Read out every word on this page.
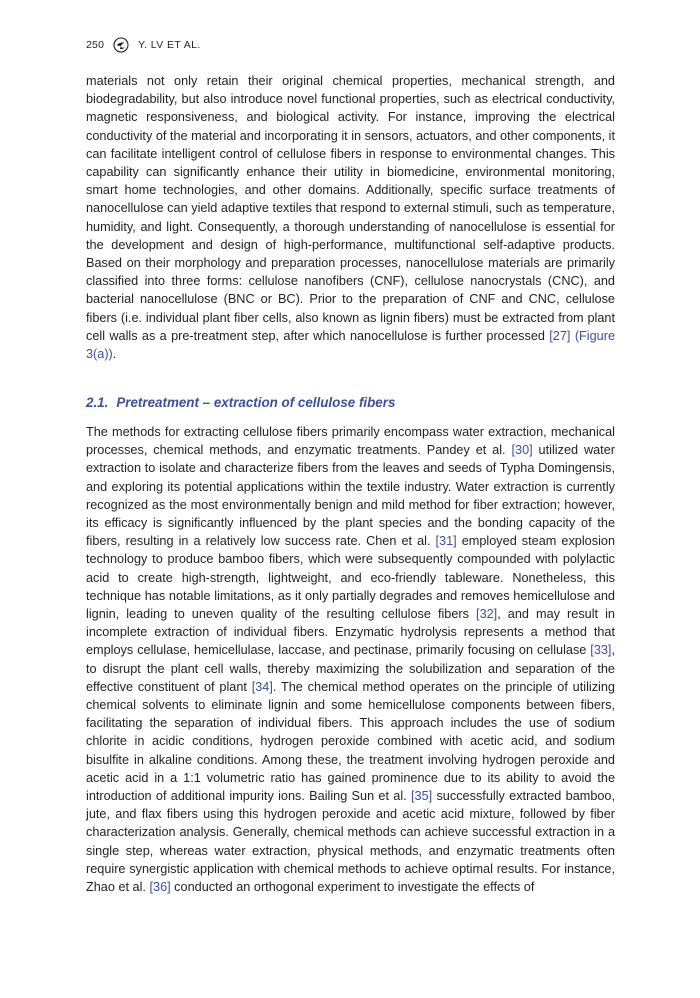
250	Y. LV ET AL.

materials not only retain their original chemical properties, mechanical strength, and biodegradability, but also introduce novel functional properties, such as electrical conductivity, magnetic responsiveness, and biological activity. For instance, improving the electrical conductivity of the material and incorporating it in sensors, actuators, and other components, it can facilitate intelligent control of cellulose fibers in response to environmental changes. This capability can significantly enhance their utility in biomedicine, environmental monitoring, smart home technologies, and other domains. Additionally, specific surface treatments of nanocellulose can yield adaptive textiles that respond to external stimuli, such as temperature, humidity, and light. Consequently, a thorough understanding of nanocellulose is essential for the development and design of high-performance, multifunctional self-adaptive products. Based on their morphology and preparation processes, nanocellulose materials are primarily classified into three forms: cellulose nanofibers (CNF), cellulose nanocrystals (CNC), and bacterial nanocellulose (BNC or BC). Prior to the preparation of CNF and CNC, cellulose fibers (i.e. individual plant fiber cells, also known as lignin fibers) must be extracted from plant cell walls as a pre-treatment step, after which nanocellulose is further processed [27] (Figure 3(a)).

2.1. Pretreatment – extraction of cellulose fibers

The methods for extracting cellulose fibers primarily encompass water extraction, mechanical processes, chemical methods, and enzymatic treatments. Pandey et al. [30] utilized water extraction to isolate and characterize fibers from the leaves and seeds of Typha Domingensis, and exploring its potential applications within the textile industry. Water extraction is currently recognized as the most environmentally benign and mild method for fiber extraction; however, its efficacy is significantly influenced by the plant species and the bonding capacity of the fibers, resulting in a relatively low success rate. Chen et al. [31] employed steam explosion technology to produce bamboo fibers, which were subsequently compounded with polylactic acid to create high-strength, lightweight, and eco-friendly tableware. Nonetheless, this technique has notable limitations, as it only partially degrades and removes hemicellulose and lignin, leading to uneven quality of the resulting cellulose fibers [32], and may result in incomplete extraction of individual fibers. Enzymatic hydrolysis represents a method that employs cellulase, hemicellulase, laccase, and pectinase, primarily focusing on cellulase [33], to disrupt the plant cell walls, thereby maximizing the solubilization and separation of the effective constituent of plant [34]. The chemical method operates on the principle of utilizing chemical solvents to eliminate lignin and some hemicellulose components between fibers, facilitating the separation of individual fibers. This approach includes the use of sodium chlorite in acidic conditions, hydrogen peroxide combined with acetic acid, and sodium bisulfite in alkaline conditions. Among these, the treatment involving hydrogen peroxide and acetic acid in a 1:1 volumetric ratio has gained prominence due to its ability to avoid the introduction of additional impurity ions. Bailing Sun et al. [35] successfully extracted bamboo, jute, and flax fibers using this hydrogen peroxide and acetic acid mixture, followed by fiber characterization analysis. Generally, chemical methods can achieve successful extraction in a single step, whereas water extraction, physical methods, and enzymatic treatments often require synergistic application with chemical methods to achieve optimal results. For instance, Zhao et al. [36] conducted an orthogonal experiment to investigate the effects of
